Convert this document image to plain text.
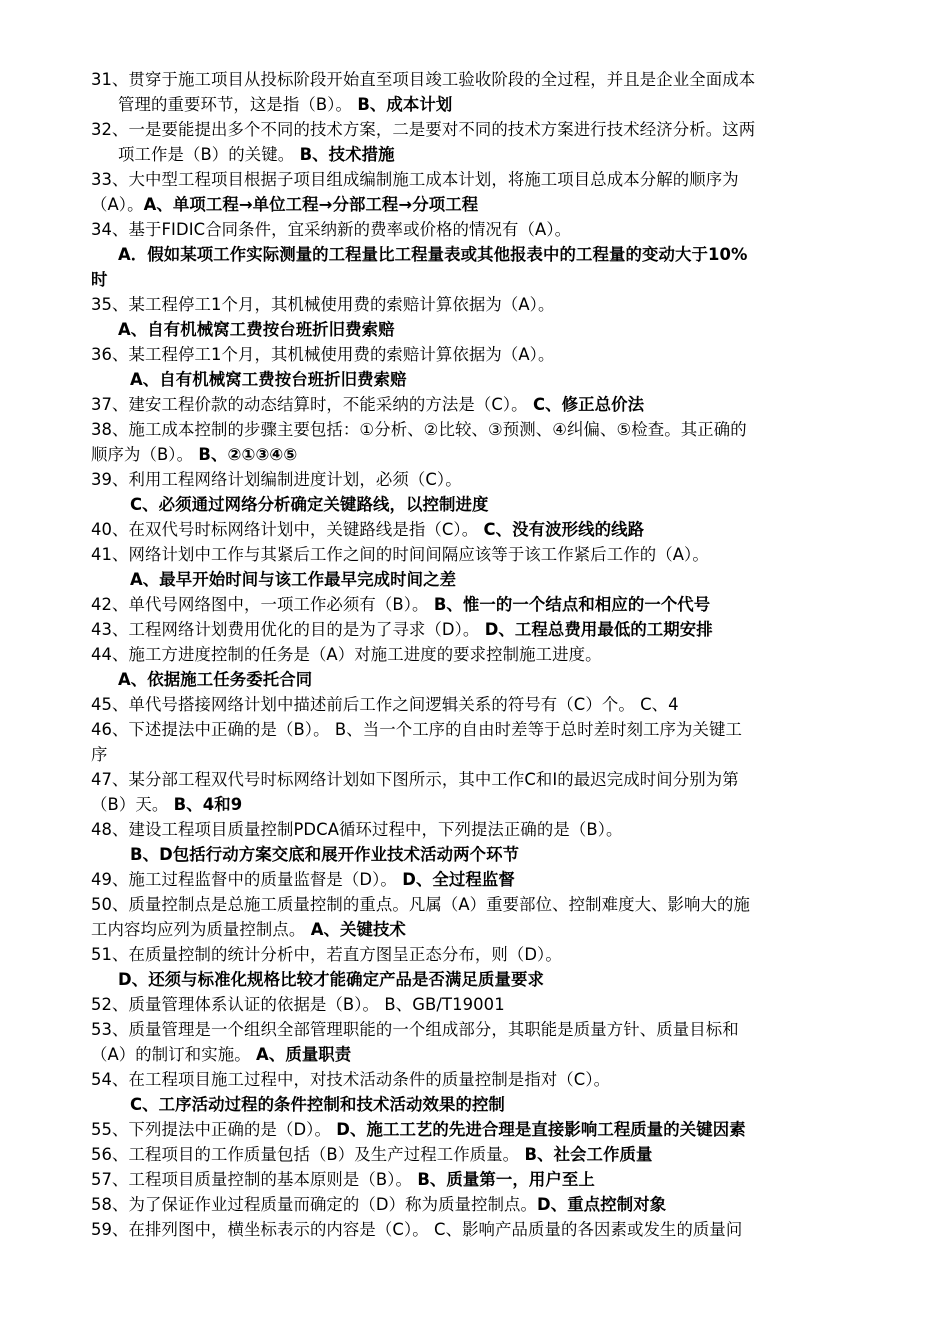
31、贯穿于施工项目从投标阶段开始直至项目竣工验收阶段的全过程，并且是企业全面成本
管理的重要环节，这是指（B）。 B、成本计划
32、一是要能提出多个不同的技术方案，二是要对不同的技术方案进行技术经济分析。这两
项工作是（B）的关键。 B、技术措施
33、大中型工程项目根据子项目组成编制施工成本计划，将施工项目总成本分解的顺序为
（A）。A、单项工程→单位工程→分部工程→分项工程
34、基于FIDIC合同条件，宜采纳新的费率或价格的情况有（A）。
A．假如某项工作实际测量的工程量比工程量表或其他报表中的工程量的变动大于10%
时
35、某工程停工1个月，其机械使用费的索赔计算依据为（A）。
A、自有机械窝工费按台班折旧费索赔
36、某工程停工1个月，其机械使用费的索赔计算依据为（A）。
A、自有机械窝工费按台班折旧费索赔
37、建安工程价款的动态结算时，不能采纳的方法是（C）。 C、修正总价法
38、施工成本控制的步骤主要包括：①分析、②比较、③预测、④纠偏、⑤检查。其正确的
顺序为（B）。 B、②①③④⑤
39、利用工程网络计划编制进度计划，必须（C）。
C、必须通过网络分析确定关键路线，以控制进度
40、在双代号时标网络计划中，关键路线是指（C）。 C、没有波形线的线路
41、网络计划中工作与其紧后工作之间的时间间隔应该等于该工作紧后工作的（A）。
A、最早开始时间与该工作最早完成时间之差
42、单代号网络图中，一项工作必须有（B）。 B、惟一的一个结点和相应的一个代号
43、工程网络计划费用优化的目的是为了寻求（D）。 D、工程总费用最低的工期安排
44、施工方进度控制的任务是（A）对施工进度的要求控制施工进度。
A、依据施工任务委托合同
45、单代号搭接网络计划中描述前后工作之间逻辑关系的符号有（C）个。 C、4
46、下述提法中正确的是（B）。 B、当一个工序的自由时差等于总时差时刻工序为关键工
序
47、某分部工程双代号时标网络计划如下图所示，其中工作C和I的最迟完成时间分别为第
（B）天。 B、4和9
48、建设工程项目质量控制PDCA循环过程中，下列提法正确的是（B）。
B、D包括行动方案交底和展开作业技术活动两个环节
49、施工过程监督中的质量监督是（D）。 D、全过程监督
50、质量控制点是总施工质量控制的重点。凡属（A）重要部位、控制难度大、影响大的施
工内容均应列为质量控制点。 A、关键技术
51、在质量控制的统计分析中，若直方图呈正态分布，则（D）。
D、还须与标准化规格比较才能确定产品是否满足质量要求
52、质量管理体系认证的依据是（B）。 B、GB/T19001
53、质量管理是一个组织全部管理职能的一个组成部分，其职能是质量方针、质量目标和
（A）的制订和实施。 A、质量职责
54、在工程项目施工过程中，对技术活动条件的质量控制是指对（C）。
C、工序活动过程的条件控制和技术活动效果的控制
55、下列提法中正确的是（D）。 D、施工工艺的先进合理是直接影响工程质量的关键因素
56、工程项目的工作质量包括（B）及生产过程工作质量。 B、社会工作质量
57、工程项目质量控制的基本原则是（B）。 B、质量第一，用户至上
58、为了保证作业过程质量而确定的（D）称为质量控制点。D、重点控制对象
59、在排列图中，横坐标表示的内容是（C）。 C、影响产品质量的各因素或发生的质量问
